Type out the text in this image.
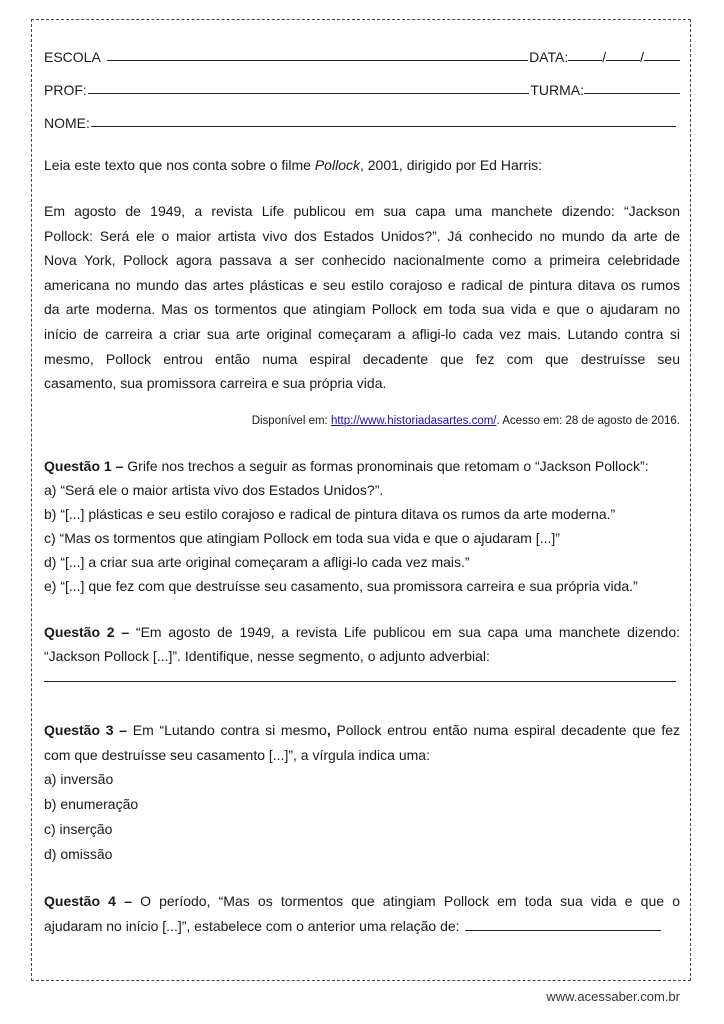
ESCOLA	DATA: / /
PROF:	TURMA:
NOME:
Leia este texto que nos conta sobre o filme Pollock, 2001, dirigido por Ed Harris:
Em agosto de 1949, a revista Life publicou em sua capa uma manchete dizendo: “Jackson
Pollock: Será ele o maior artista vivo dos Estados Unidos?”. Já conhecido no mundo da arte de
Nova York, Pollock agora passava a ser conhecido nacionalmente como a primeira celebridade
americana no mundo das artes plásticas e seu estilo corajoso e radical de pintura ditava os rumos
da arte moderna. Mas os tormentos que atingiam Pollock em toda sua vida e que o ajudaram no
início de carreira a criar sua arte original começaram a afligi-lo cada vez mais. Lutando contra si
mesmo, Pollock entrou então numa espiral decadente que fez com que destruísse seu
casamento, sua promissora carreira e sua própria vida.
Disponível em: http://www.historiadasartes.com/. Acesso em: 28 de agosto de 2016.
Questão 1 – Grife nos trechos a seguir as formas pronominais que retomam o “Jackson Pollock”:
a) “Será ele o maior artista vivo dos Estados Unidos?”.
b) “[...] plásticas e seu estilo corajoso e radical de pintura ditava os rumos da arte moderna.”
c) “Mas os tormentos que atingiam Pollock em toda sua vida e que o ajudaram [...]”
d) “[...] a criar sua arte original começaram a afligi-lo cada vez mais.”
e) “[...] que fez com que destruísse seu casamento, sua promissora carreira e sua própria vida.”
Questão 2 – “Em agosto de 1949, a revista Life publicou em sua capa uma manchete dizendo:
“Jackson Pollock [...]”. Identifique, nesse segmento, o adjunto adverbial:
Questão 3 – Em “Lutando contra si mesmo, Pollock entrou então numa espiral decadente que fez
com que destruísse seu casamento [...]”, a vírgula indica uma:
a) inversão
b) enumeração
c) inserção
d) omissão
Questão 4 – O período, “Mas os tormentos que atingiam Pollock em toda sua vida e que o
ajudaram no início [...]”, estabelece com o anterior uma relação de:
www.acessaber.com.br
